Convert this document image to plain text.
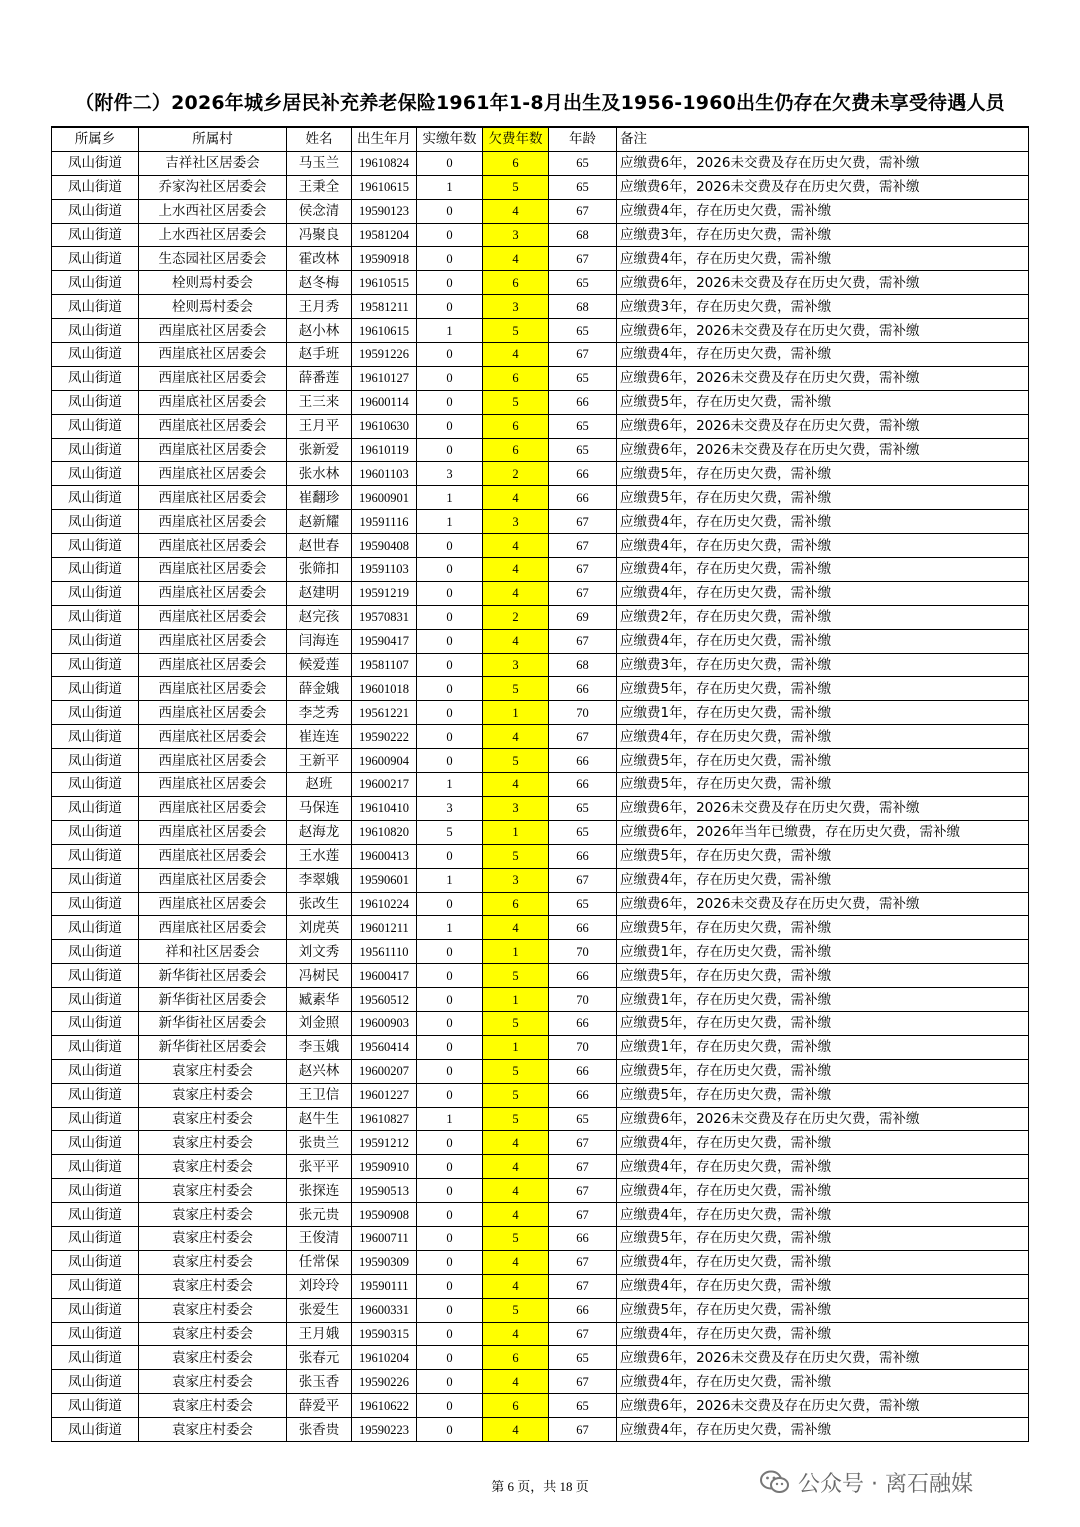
（附件二）2026年城乡居民补充养老保险1961年1-8月出生及1956-1960出生仍存在欠费未享受待遇人员
所属乡	所属村	姓名	出生年月	实缴年数	欠费年数	年龄	备注
凤山街道	吉祥社区居委会	马玉兰	19610824	0	6	65	应缴费6年，2026未交费及存在历史欠费，需补缴
凤山街道	乔家沟社区居委会	王秉全	19610615	1	5	65	应缴费6年，2026未交费及存在历史欠费，需补缴
凤山街道	上水西社区居委会	侯念清	19590123	0	4	67	应缴费4年，存在历史欠费，需补缴
凤山街道	上水西社区居委会	冯聚良	19581204	0	3	68	应缴费3年，存在历史欠费，需补缴
凤山街道	生态园社区居委会	霍改林	19590918	0	4	67	应缴费4年，存在历史欠费，需补缴
凤山街道	栓则焉村委会	赵冬梅	19610515	0	6	65	应缴费6年，2026未交费及存在历史欠费，需补缴
凤山街道	栓则焉村委会	王月秀	19581211	0	3	68	应缴费3年，存在历史欠费，需补缴
凤山街道	西崖底社区居委会	赵小林	19610615	1	5	65	应缴费6年，2026未交费及存在历史欠费，需补缴
凤山街道	西崖底社区居委会	赵手班	19591226	0	4	67	应缴费4年，存在历史欠费，需补缴
凤山街道	西崖底社区居委会	薛番莲	19610127	0	6	65	应缴费6年，2026未交费及存在历史欠费，需补缴
凤山街道	西崖底社区居委会	王三来	19600114	0	5	66	应缴费5年，存在历史欠费，需补缴
凤山街道	西崖底社区居委会	王月平	19610630	0	6	65	应缴费6年，2026未交费及存在历史欠费，需补缴
凤山街道	西崖底社区居委会	张新爱	19610119	0	6	65	应缴费6年，2026未交费及存在历史欠费，需补缴
凤山街道	西崖底社区居委会	张水林	19601103	3	2	66	应缴费5年，存在历史欠费，需补缴
凤山街道	西崖底社区居委会	崔翻珍	19600901	1	4	66	应缴费5年，存在历史欠费，需补缴
凤山街道	西崖底社区居委会	赵新耀	19591116	1	3	67	应缴费4年，存在历史欠费，需补缴
凤山街道	西崖底社区居委会	赵世春	19590408	0	4	67	应缴费4年，存在历史欠费，需补缴
凤山街道	西崖底社区居委会	张筛扣	19591103	0	4	67	应缴费4年，存在历史欠费，需补缴
凤山街道	西崖底社区居委会	赵建明	19591219	0	4	67	应缴费4年，存在历史欠费，需补缴
凤山街道	西崖底社区居委会	赵完孩	19570831	0	2	69	应缴费2年，存在历史欠费，需补缴
凤山街道	西崖底社区居委会	闫海连	19590417	0	4	67	应缴费4年，存在历史欠费，需补缴
凤山街道	西崖底社区居委会	候爱莲	19581107	0	3	68	应缴费3年，存在历史欠费，需补缴
凤山街道	西崖底社区居委会	薛金娥	19601018	0	5	66	应缴费5年，存在历史欠费，需补缴
凤山街道	西崖底社区居委会	李芝秀	19561221	0	1	70	应缴费1年，存在历史欠费，需补缴
凤山街道	西崖底社区居委会	崔连连	19590222	0	4	67	应缴费4年，存在历史欠费，需补缴
凤山街道	西崖底社区居委会	王新平	19600904	0	5	66	应缴费5年，存在历史欠费，需补缴
凤山街道	西崖底社区居委会	赵班	19600217	1	4	66	应缴费5年，存在历史欠费，需补缴
凤山街道	西崖底社区居委会	马保连	19610410	3	3	65	应缴费6年，2026未交费及存在历史欠费，需补缴
凤山街道	西崖底社区居委会	赵海龙	19610820	5	1	65	应缴费6年，2026年当年已缴费，存在历史欠费，需补缴
凤山街道	西崖底社区居委会	王水莲	19600413	0	5	66	应缴费5年，存在历史欠费，需补缴
凤山街道	西崖底社区居委会	李翠娥	19590601	1	3	67	应缴费4年，存在历史欠费，需补缴
凤山街道	西崖底社区居委会	张改生	19610224	0	6	65	应缴费6年，2026未交费及存在历史欠费，需补缴
凤山街道	西崖底社区居委会	刘虎英	19601211	1	4	66	应缴费5年，存在历史欠费，需补缴
凤山街道	祥和社区居委会	刘文秀	19561110	0	1	70	应缴费1年，存在历史欠费，需补缴
凤山街道	新华街社区居委会	冯树民	19600417	0	5	66	应缴费5年，存在历史欠费，需补缴
凤山街道	新华街社区居委会	臧素华	19560512	0	1	70	应缴费1年，存在历史欠费，需补缴
凤山街道	新华街社区居委会	刘金照	19600903	0	5	66	应缴费5年，存在历史欠费，需补缴
凤山街道	新华街社区居委会	李玉娥	19560414	0	1	70	应缴费1年，存在历史欠费，需补缴
凤山街道	袁家庄村委会	赵兴林	19600207	0	5	66	应缴费5年，存在历史欠费，需补缴
凤山街道	袁家庄村委会	王卫信	19601227	0	5	66	应缴费5年，存在历史欠费，需补缴
凤山街道	袁家庄村委会	赵牛生	19610827	1	5	65	应缴费6年，2026未交费及存在历史欠费，需补缴
凤山街道	袁家庄村委会	张贵兰	19591212	0	4	67	应缴费4年，存在历史欠费，需补缴
凤山街道	袁家庄村委会	张平平	19590910	0	4	67	应缴费4年，存在历史欠费，需补缴
凤山街道	袁家庄村委会	张探连	19590513	0	4	67	应缴费4年，存在历史欠费，需补缴
凤山街道	袁家庄村委会	张元贵	19590908	0	4	67	应缴费4年，存在历史欠费，需补缴
凤山街道	袁家庄村委会	王俊清	19600711	0	5	66	应缴费5年，存在历史欠费，需补缴
凤山街道	袁家庄村委会	任常保	19590309	0	4	67	应缴费4年，存在历史欠费，需补缴
凤山街道	袁家庄村委会	刘玲玲	19590111	0	4	67	应缴费4年，存在历史欠费，需补缴
凤山街道	袁家庄村委会	张爱生	19600331	0	5	66	应缴费5年，存在历史欠费，需补缴
凤山街道	袁家庄村委会	王月娥	19590315	0	4	67	应缴费4年，存在历史欠费，需补缴
凤山街道	袁家庄村委会	张春元	19610204	0	6	65	应缴费6年，2026未交费及存在历史欠费，需补缴
凤山街道	袁家庄村委会	张玉香	19590226	0	4	67	应缴费4年，存在历史欠费，需补缴
凤山街道	袁家庄村委会	薛爱平	19610622	0	6	65	应缴费6年，2026未交费及存在历史欠费，需补缴
凤山街道	袁家庄村委会	张香贵	19590223	0	4	67	应缴费4年，存在历史欠费，需补缴
第 6 页，共 18 页	公众号 · 离石融媒
